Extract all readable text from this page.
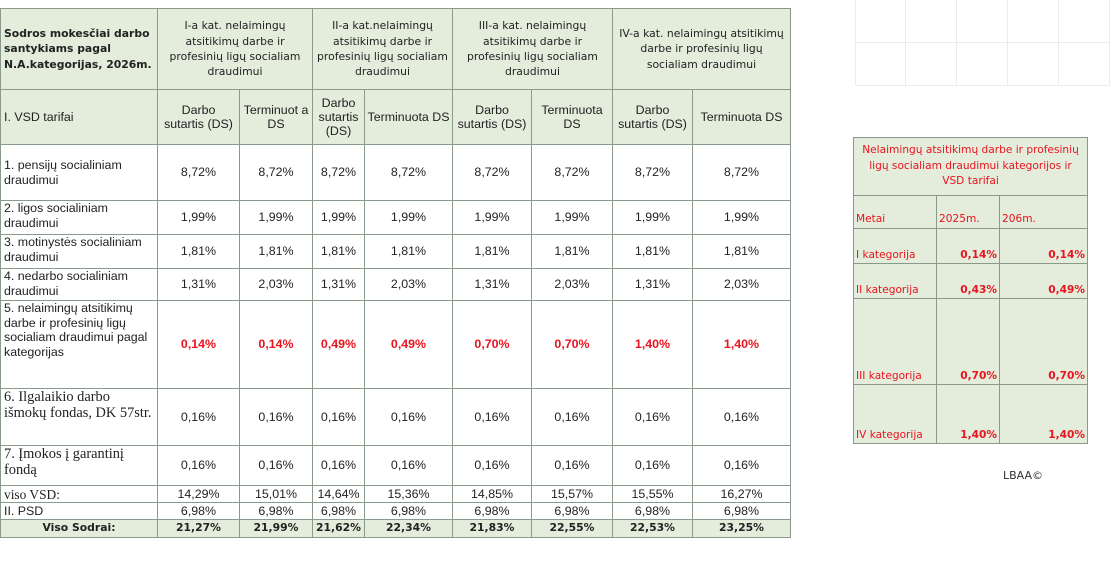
Sodros mokesčiai darbo santykiams pagal N.A.kategorijas, 2026m.	I-a kat. nelaimingų atsitikimų darbe ir profesinių ligų socialiam draudimui		II-a kat.nelaimingų atsitikimų darbe ir profesinių ligų socialiam draudimui		III-a kat. nelaimingų atsitikimų darbe ir profesinių ligų socialiam draudimui		IV-a kat. nelaimingų atsitikimų darbe ir profesinių ligų socialiam draudimui	
I. VSD tarifai	Darbo sutartis (DS)	Terminuot a DS	Darbo sutartis (DS)	Terminuota DS	Darbo sutartis (DS)	Terminuota DS	Darbo sutartis (DS)	Terminuota DS
1. pensijų socialiniam draudimui	8,72%	8,72%	8,72%	8,72%	8,72%	8,72%	8,72%	8,72%
2. ligos socialiniam draudimui	1,99%	1,99%	1,99%	1,99%	1,99%	1,99%	1,99%	1,99%
3. motinystės socialiniam draudimui	1,81%	1,81%	1,81%	1,81%	1,81%	1,81%	1,81%	1,81%
4. nedarbo socialiniam draudimui	1,31%	2,03%	1,31%	2,03%	1,31%	2,03%	1,31%	2,03%
5. nelaimingų atsitikimų darbe ir profesinių ligų socialiam draudimui pagal kategorijas	0,14%	0,14%	0,49%	0,49%	0,70%	0,70%	1,40%	1,40%
6. Ilgalaikio darbo išmokų fondas, DK 57str.	0,16%	0,16%	0,16%	0,16%	0,16%	0,16%	0,16%	0,16%
7. Įmokos į garantinį fondą	0,16%	0,16%	0,16%	0,16%	0,16%	0,16%	0,16%	0,16%
viso VSD:	14,29%	15,01%	14,64%	15,36%	14,85%	15,57%	15,55%	16,27%
II. PSD	6,98%	6,98%	6,98%	6,98%	6,98%	6,98%	6,98%	6,98%
Viso Sodrai:	21,27%	21,99%	21,62%	22,34%	21,83%	22,55%	22,53%	23,25%
Nelaimingų atsitikimų darbe ir profesinių ligų socialiam draudimui kategorijos ir VSD tarifai		
Metai	2025m.	206m.
I kategorija	0,14%	0,14%
II kategorija	0,43%	0,49%
III kategorija	0,70%	0,70%
IV kategorija	1,40%	1,40%
LBAA©
